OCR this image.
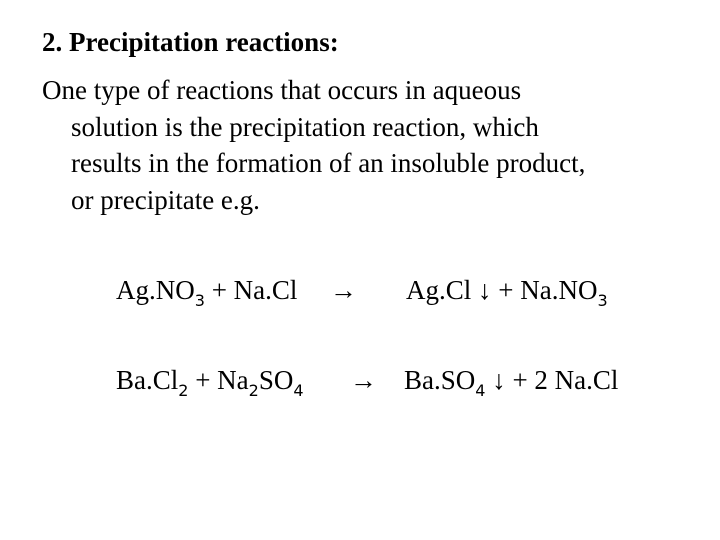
2. Precipitation reactions:
One type of reactions that occurs in aqueous
solution is the precipitation reaction, which
results in the formation of an insoluble product,
or precipitate e.g.
$Ag.NO_3 + Na.Cl \to Ag.Cl$ ↓ + $Na.NO_3$
$Ba.Cl_2 + Na_2SO_4 \to Ba.SO_4$ ↓ + 2 Na.Cl
